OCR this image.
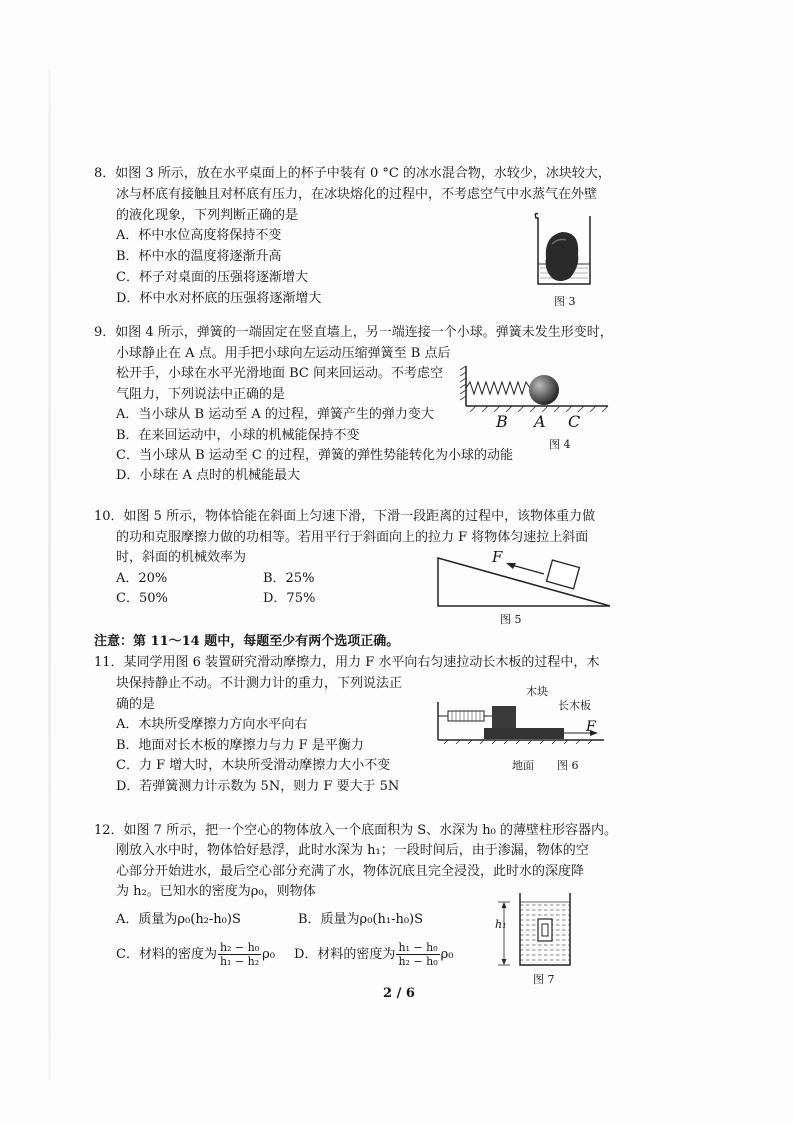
8．如图 3 所示，放在水平桌面上的杯子中装有 0 °C 的冰水混合物，水较少，冰块较大，
冰与杯底有接触且对杯底有压力，在冰块熔化的过程中，不考虑空气中水蒸气在外壁
的液化现象，下列判断正确的是
A．杯中水位高度将保持不变
B．杯中水的温度将逐渐升高
C．杯子对桌面的压强将逐渐增大
D．杯中水对杯底的压强将逐渐增大	图 3
9．如图 4 所示，弹簧的一端固定在竖直墙上，另一端连接一个小球。弹簧未发生形变时，
小球静止在 A 点。用手把小球向左运动压缩弹簧至 B 点后
松开手，小球在水平光滑地面 BC 间来回运动。不考虑空
气阻力，下列说法中正确的是
A．当小球从 B 运动至 A 的过程，弹簧产生的弹力变大
B．在来回运动中，小球的机械能保持不变
C．当小球从 B 运动至 C 的过程，弹簧的弹性势能转化为小球的动能
D．小球在 A 点时的机械能最大
B A C
图 4
10．如图 5 所示，物体恰能在斜面上匀速下滑，下滑一段距离的过程中，该物体重力做
的功和克服摩擦力做的功相等。若用平行于斜面向上的拉力 F 将物体匀速拉上斜面
时，斜面的机械效率为
A．20%	B．25%
C．50%	D．75%
F
图 5
注意：第 11～14 题中，每题至少有两个选项正确。
11．某同学用图 6 装置研究滑动摩擦力，用力 F 水平向右匀速拉动长木板的过程中，木
块保持静止不动。不计测力计的重力，下列说法正
确的是
A．木块所受摩擦力方向水平向右
B．地面对长木板的摩擦力与力 F 是平衡力
C．力 F 增大时，木块所受滑动摩擦力大小不变
D．若弹簧测力计示数为 5N，则力 F 要大于 5N
木块
长木板
F
地面 图 6
12．如图 7 所示，把一个空心的物体放入一个底面积为 S、水深为 h₀ 的薄壁柱形容器内。
刚放入水中时，物体恰好悬浮，此时水深为 h₁；一段时间后，由于渗漏，物体的空
心部分开始进水，最后空心部分充满了水，物体沉底且完全浸没，此时水的深度降
为 h₂。已知水的密度为ρ₀，则物体
A．质量为ρ₀(h₂-h₀)S	B．质量为ρ₀(h₁-h₀)S
C．材料的密度为 $\frac{\text{h₂ − h₀}}{\text{h₁ − h₂}} \rho_0$ D．材料的密度为 $\frac{\text{h₁ − h₀}}{\text{h₂ − h₀}} \rho_0$
h₁
图 7
2 / 6
